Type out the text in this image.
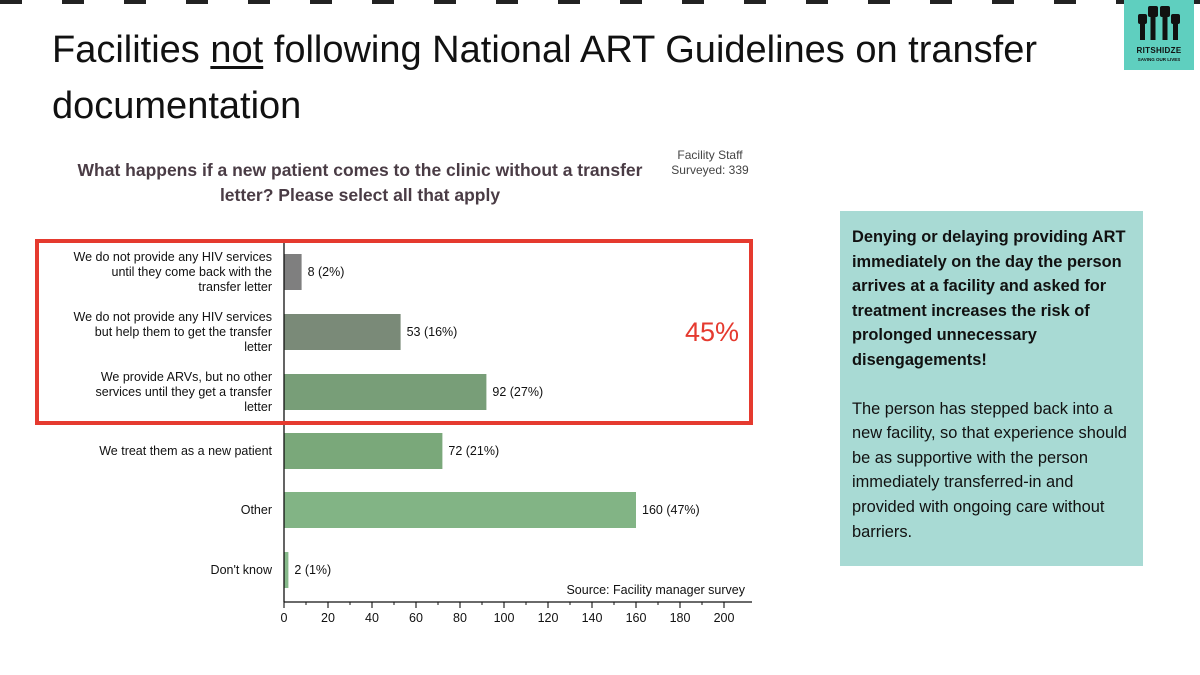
Facilities not following National ART Guidelines on transfer documentation
RITSHIDZE
SAVING OUR LIVES
What happens if a new patient comes to the clinic without a transfer letter? Please select all that apply
Facility Staff
Surveyed: 339
8 (2%)
We do not provide any HIV services
until they come back with the
transfer letter
53 (16%)
We do not provide any HIV services
but help them to get the transfer
letter
92 (27%)
We provide ARVs, but no other
services until they get a transfer
letter
72 (21%)
We treat them as a new patient
160 (47%)
Other
2 (1%)
Don't know
0	20 40 60 80 100 120 140 160 180 200
Source: Facility manager survey
45%

Denying or delaying providing ART immediately on the day the person arrives at a facility and asked for treatment increases the risk of prolonged unnecessary disengagements!

The person has stepped back into a new facility, so that experience should be as supportive with the person immediately transferred-in and provided with ongoing care without barriers.
